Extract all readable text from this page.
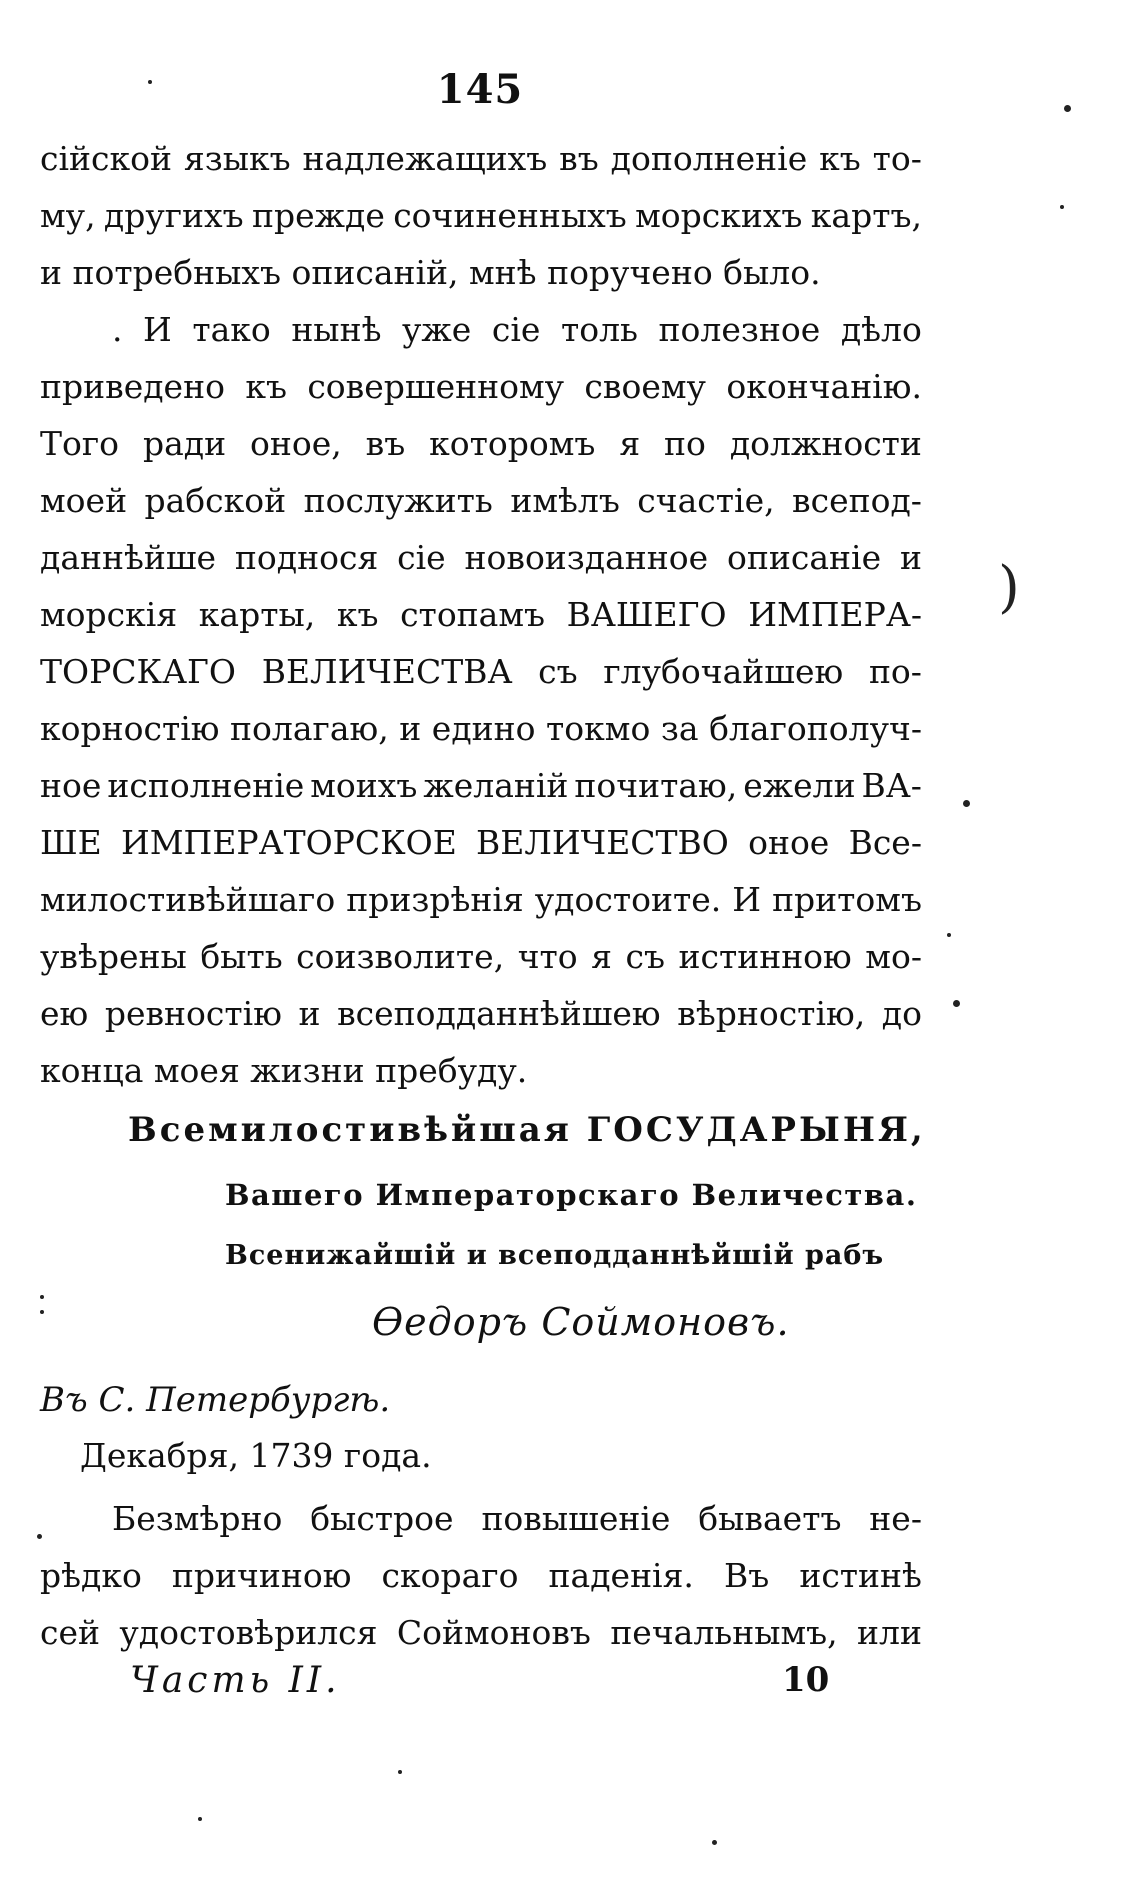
145
сiйской языкъ надлежащихъ въ дополненiе къ то-
му, другихъ прежде сочиненныхъ морскихъ картъ,
и потребныхъ описанiй, мнѣ поручено было.
. И тако нынѣ уже сiе толь полезное дѣло
приведено къ совершенному своему окончанiю.
Того ради оное, въ которомъ я по должности
моей рабской послужить имѣлъ счастiе, всепод-
даннѣйше поднося сiе новоизданное описанiе и
морскiя карты, къ стопамъ ВАШЕГО ИМПЕРА-
ТОРСКАГО ВЕЛИЧЕСТВА съ глубочайшею по-
корностiю полагаю, и едино токмо за благополуч-
ное исполненiе моихъ желанiй почитаю, ежели ВА-
ШЕ ИМПЕРАТОРСКОЕ ВЕЛИЧЕСТВО оное Все-
милостивѣйшаго призрѣнiя удостоите. И притомъ
увѣрены быть соизволите, что я съ истинною мо-
ею ревностiю и всеподданнѣйшею вѣрностiю, до
конца моея жизни пребуду.
Всемилостивѣйшая ГОСУДАРЫНЯ,
Вашего Императорскаго Величества.
Всенижайшiй и всеподданнѣйшiй рабъ
Ѳедоръ Соймоновъ.
Въ С. Петербургѣ.
Декабря, 1739 года.
Безмѣрно быстрое повышенiе бываетъ не-
рѣдко причиною скораго паденiя. Въ истинѣ
сей удостовѣрился Соймоновъ печальнымъ, или
Часть II.	10
)
